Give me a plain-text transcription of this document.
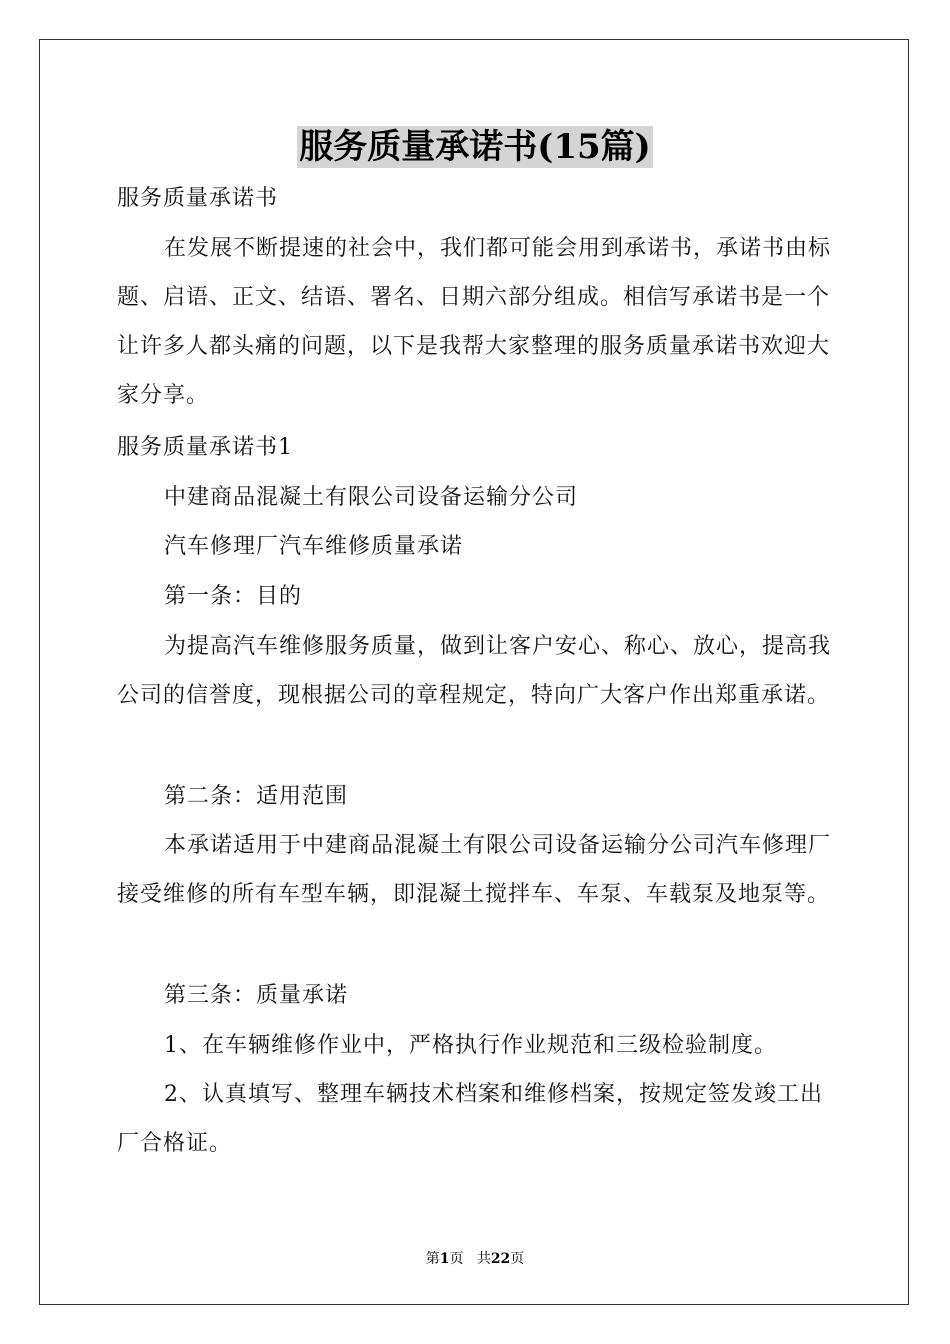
服务质量承诺书(15篇)

服务质量承诺书

在发展不断提速的社会中，我们都可能会用到承诺书，承诺书由标题、启语、正文、结语、署名、日期六部分组成。相信写承诺书是一个让许多人都头痛的问题，以下是我帮大家整理的服务质量承诺书欢迎大家分享。

服务质量承诺书1

中建商品混凝土有限公司设备运输分公司

汽车修理厂汽车维修质量承诺

第一条：目的

为提高汽车维修服务质量，做到让客户安心、称心、放心，提高我公司的信誉度，现根据公司的章程规定，特向广大客户作出郑重承诺。

第二条：适用范围

本承诺适用于中建商品混凝土有限公司设备运输分公司汽车修理厂接受维修的所有车型车辆，即混凝土搅拌车、车泵、车载泵及地泵等。

第三条：质量承诺

1、在车辆维修作业中，严格执行作业规范和三级检验制度。

2、认真填写、整理车辆技术档案和维修档案，按规定签发竣工出厂合格证。

第1页 共22页
